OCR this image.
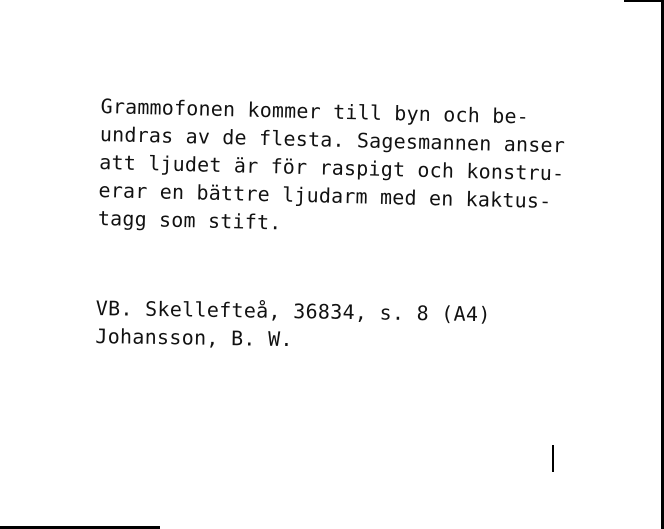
Grammofonen kommer till byn och be-
undras av de flesta. Sagesmannen anser
att ljudet är för raspigt och konstru-
erar en bättre ljudarm med en kaktus-
tagg som stift.
VB. Skellefteå, 36834, s. 8 (A4)
Johansson, B. W.
